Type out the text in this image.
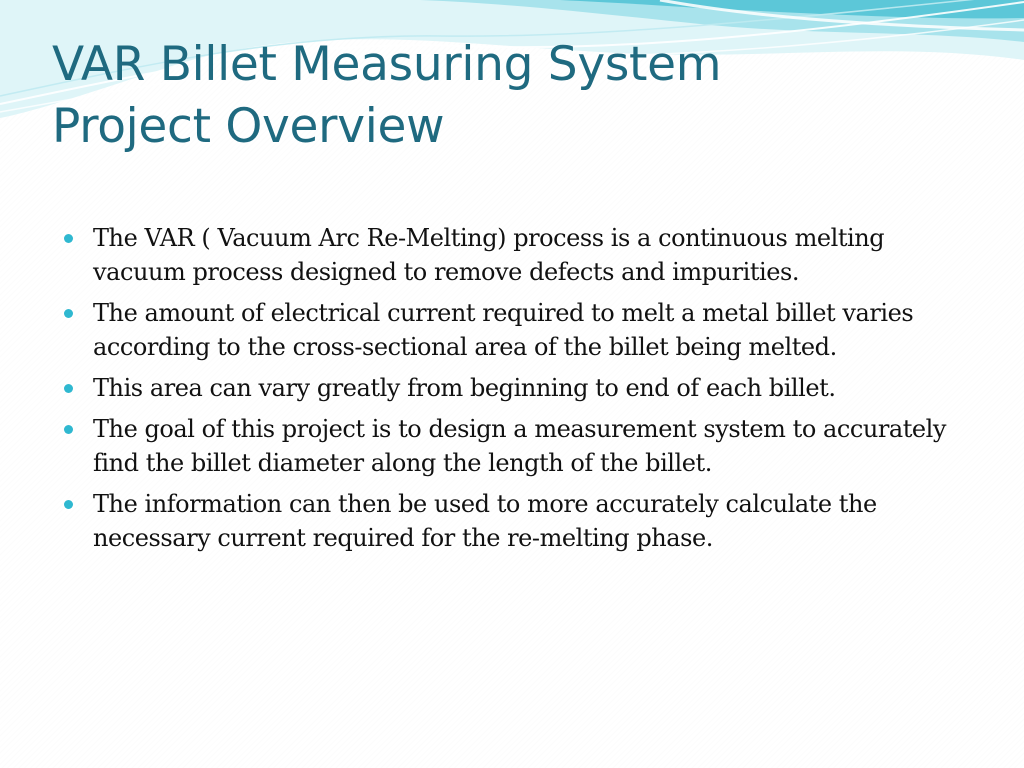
VAR Billet Measuring System
Project Overview
The VAR ( Vacuum Arc Re-Melting) process is a continuous melting vacuum process designed to remove defects and impurities.
The amount of electrical current required to melt a metal billet varies according to the cross-sectional area of the billet being melted.
This area can vary greatly from beginning to end of each billet.
The goal of this project is to design a measurement system to accurately find the billet diameter along the length of the billet.
The information can then be used to more accurately calculate the necessary current required for the re-melting phase.
